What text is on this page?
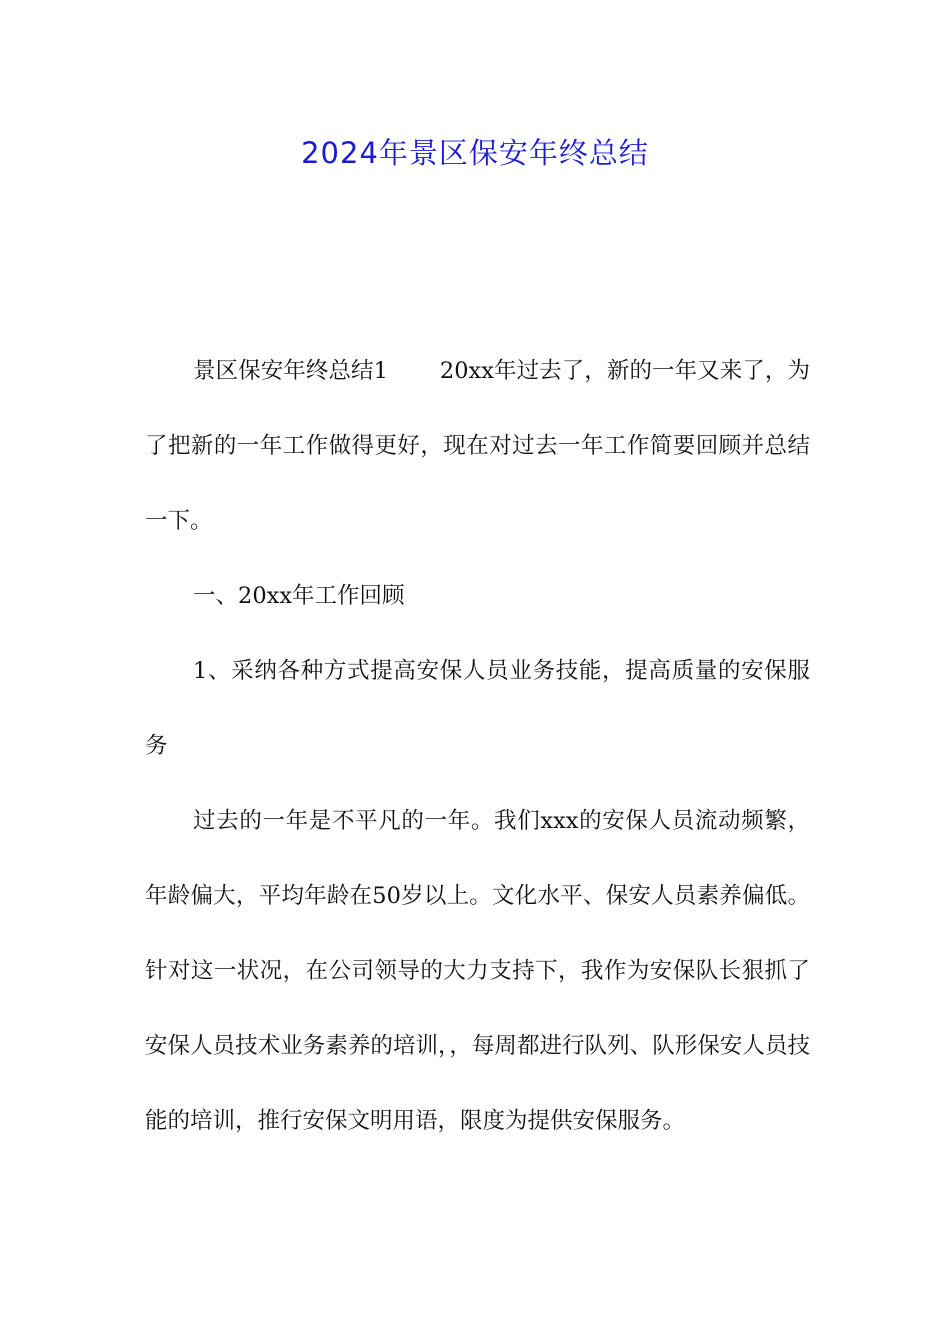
2024年景区保安年终总结

景区保安年终总结1 20xx年过去了，新的一年又来了，为了把新的一年工作做得更好，现在对过去一年工作简要回顾并总结一下。

一、20xx年工作回顾

1、采纳各种方式提高安保人员业务技能，提高质量的安保服务

过去的一年是不平凡的一年。我们xxx的安保人员流动频繁，年龄偏大，平均年龄在50岁以上。文化水平、保安人员素养偏低。针对这一状况，在公司领导的大力支持下，我作为安保队长狠抓了安保人员技术业务素养的培训，，每周都进行队列、队形保安人员技能的培训，推行安保文明用语，限度为提供安保服务。
